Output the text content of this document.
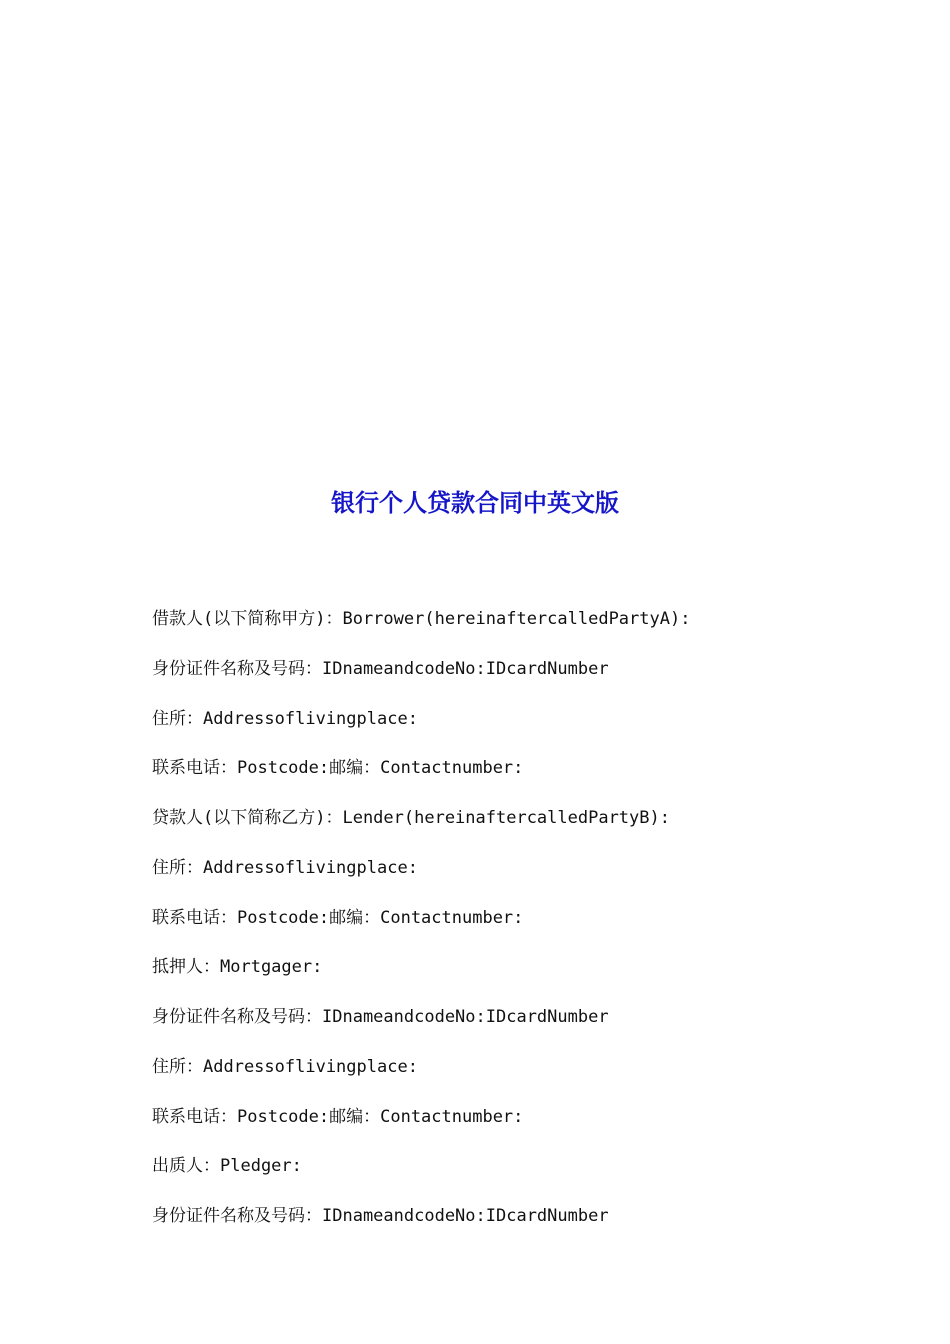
银行个人贷款合同中英文版
借款人(以下简称甲方)：Borrower(hereinaftercalledPartyA):
身份证件名称及号码：IDnameandcodeNo:IDcardNumber
住所：Addressoflivingplace:
联系电话：Postcode:邮编：Contactnumber:
贷款人(以下简称乙方)：Lender(hereinaftercalledPartyB):
住所：Addressoflivingplace:
联系电话：Postcode:邮编：Contactnumber:
抵押人：Mortgager:
身份证件名称及号码：IDnameandcodeNo:IDcardNumber
住所：Addressoflivingplace:
联系电话：Postcode:邮编：Contactnumber:
出质人：Pledger:
身份证件名称及号码：IDnameandcodeNo:IDcardNumber
